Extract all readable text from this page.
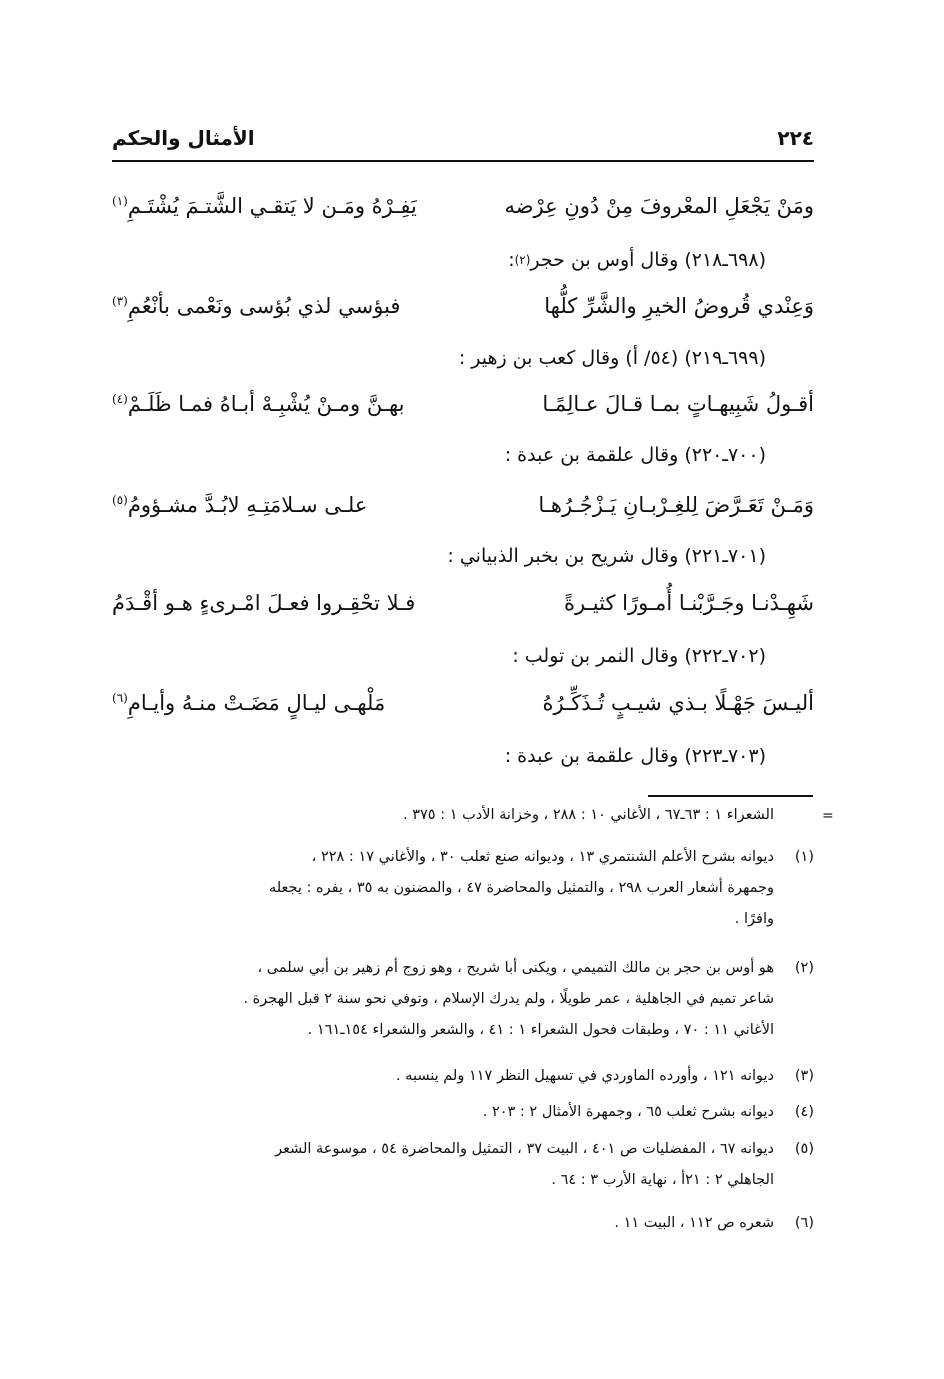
٢٢٤
الأمثال والحكم
ومَنْ يَجْعَلِ المعْروفَ مِنْ دُونِ عِرْضه
يَفِـرْهُ ومَـن لا يَتقـي الشَّتـمَ يُشْتَـمِ$^{(١)}$
(٦٩٨ـ٢١٨) وقال أوس بن حجر
(٢)
:
وَعِنْدي قُروضُ الخيرِ والشَّرِّ كلُّها
فبؤسي لذي بُؤسى ونَعْمى بأنْعُمِ$^{(٣)}$
(٦٩٩ـ٢١٩) (٥٤/ أ) وقال كعب بن زهير :
أقـولُ شَبِيهـاتٍ بمـا قـالَ عـالِمًـا
بهـنَّ ومـنْ يُشْبِـهْ أبـاهُ فمـا ظَلَـمْ$^{(٤)}$
(٧٠٠ـ٢٢٠) وقال علقمة بن عبدة :
وَمَـنْ تَعَـرَّضَ لِلغِـرْبـانِ يَـزْجُـرُهـا
علـى سـلامَتِـهِ لابُـدَّ مشـؤومُ$^{(٥)}$
(٧٠١ـ٢٢١) وقال شريح بن بخبر الذبياني :
شَهِـدْنـا وجَـرَّبْنـا أُمـورًا كثيـرةً
فـلا تحْقِـروا فعـلَ امْـرىءٍ هـو أقْـدَمُ
(٧٠٢ـ٢٢٢) وقال النمر بن تولب :
أليـسَ جَهْـلًا بـذي شيـبٍ تُـذَكِّـرُهُ
مَلْهـى ليـالٍ مَضَـتْ منـهُ وأيـامِ$^{(٦)}$
(٧٠٣ـ٢٢٣) وقال علقمة بن عبدة :
=
الشعراء ١ : ٦٣ـ٦٧ ، الأغاني ١٠ : ٢٨٨ ، وخزانة الأدب ١ : ٣٧٥ .
(١)ديوانه بشرح الأعلم الشنتمري ١٣ ، وديوانه صنع ثعلب ٣٠ ، والأغاني ١٧ : ٢٢٨ ،
وجمهرة أشعار العرب ٢٩٨ ، والتمثيل والمحاضرة ٤٧ ، والمضنون به ٣٥ ، يفره : يجعله
وافرًا .
(٢)هو أوس بن حجر بن مالك التميمي ، ويكنى أبا شريح ، وهو زوج أم زهير بن أبي سلمى ،
شاعر تميم في الجاهلية ، عمر طويلًا ، ولم يدرك الإسلام ، وتوفي نحو سنة ٢ قبل الهجرة .
الأغاني ١١ : ٧٠ ، وطبقات فحول الشعراء ١ : ٤١ ، والشعر والشعراء ١٥٤ـ١٦١ .
(٣)ديوانه ١٢١ ، وأورده الماوردي في تسهيل النظر ١١٧ ولم ينسبه .
(٤)ديوانه بشرح ثعلب ٦٥ ، وجمهرة الأمثال ٢ : ٢٠٣ .
(٥)ديوانه ٦٧ ، المفضليات ص ٤٠١ ، البيت ٣٧ ، التمثيل والمحاضرة ٥٤ ، موسوعة الشعر
الجاهلي ٢ : ٢١أ ، نهاية الأرب ٣ : ٦٤ .
(٦)شعره ص ١١٢ ، البيت ١١ .
